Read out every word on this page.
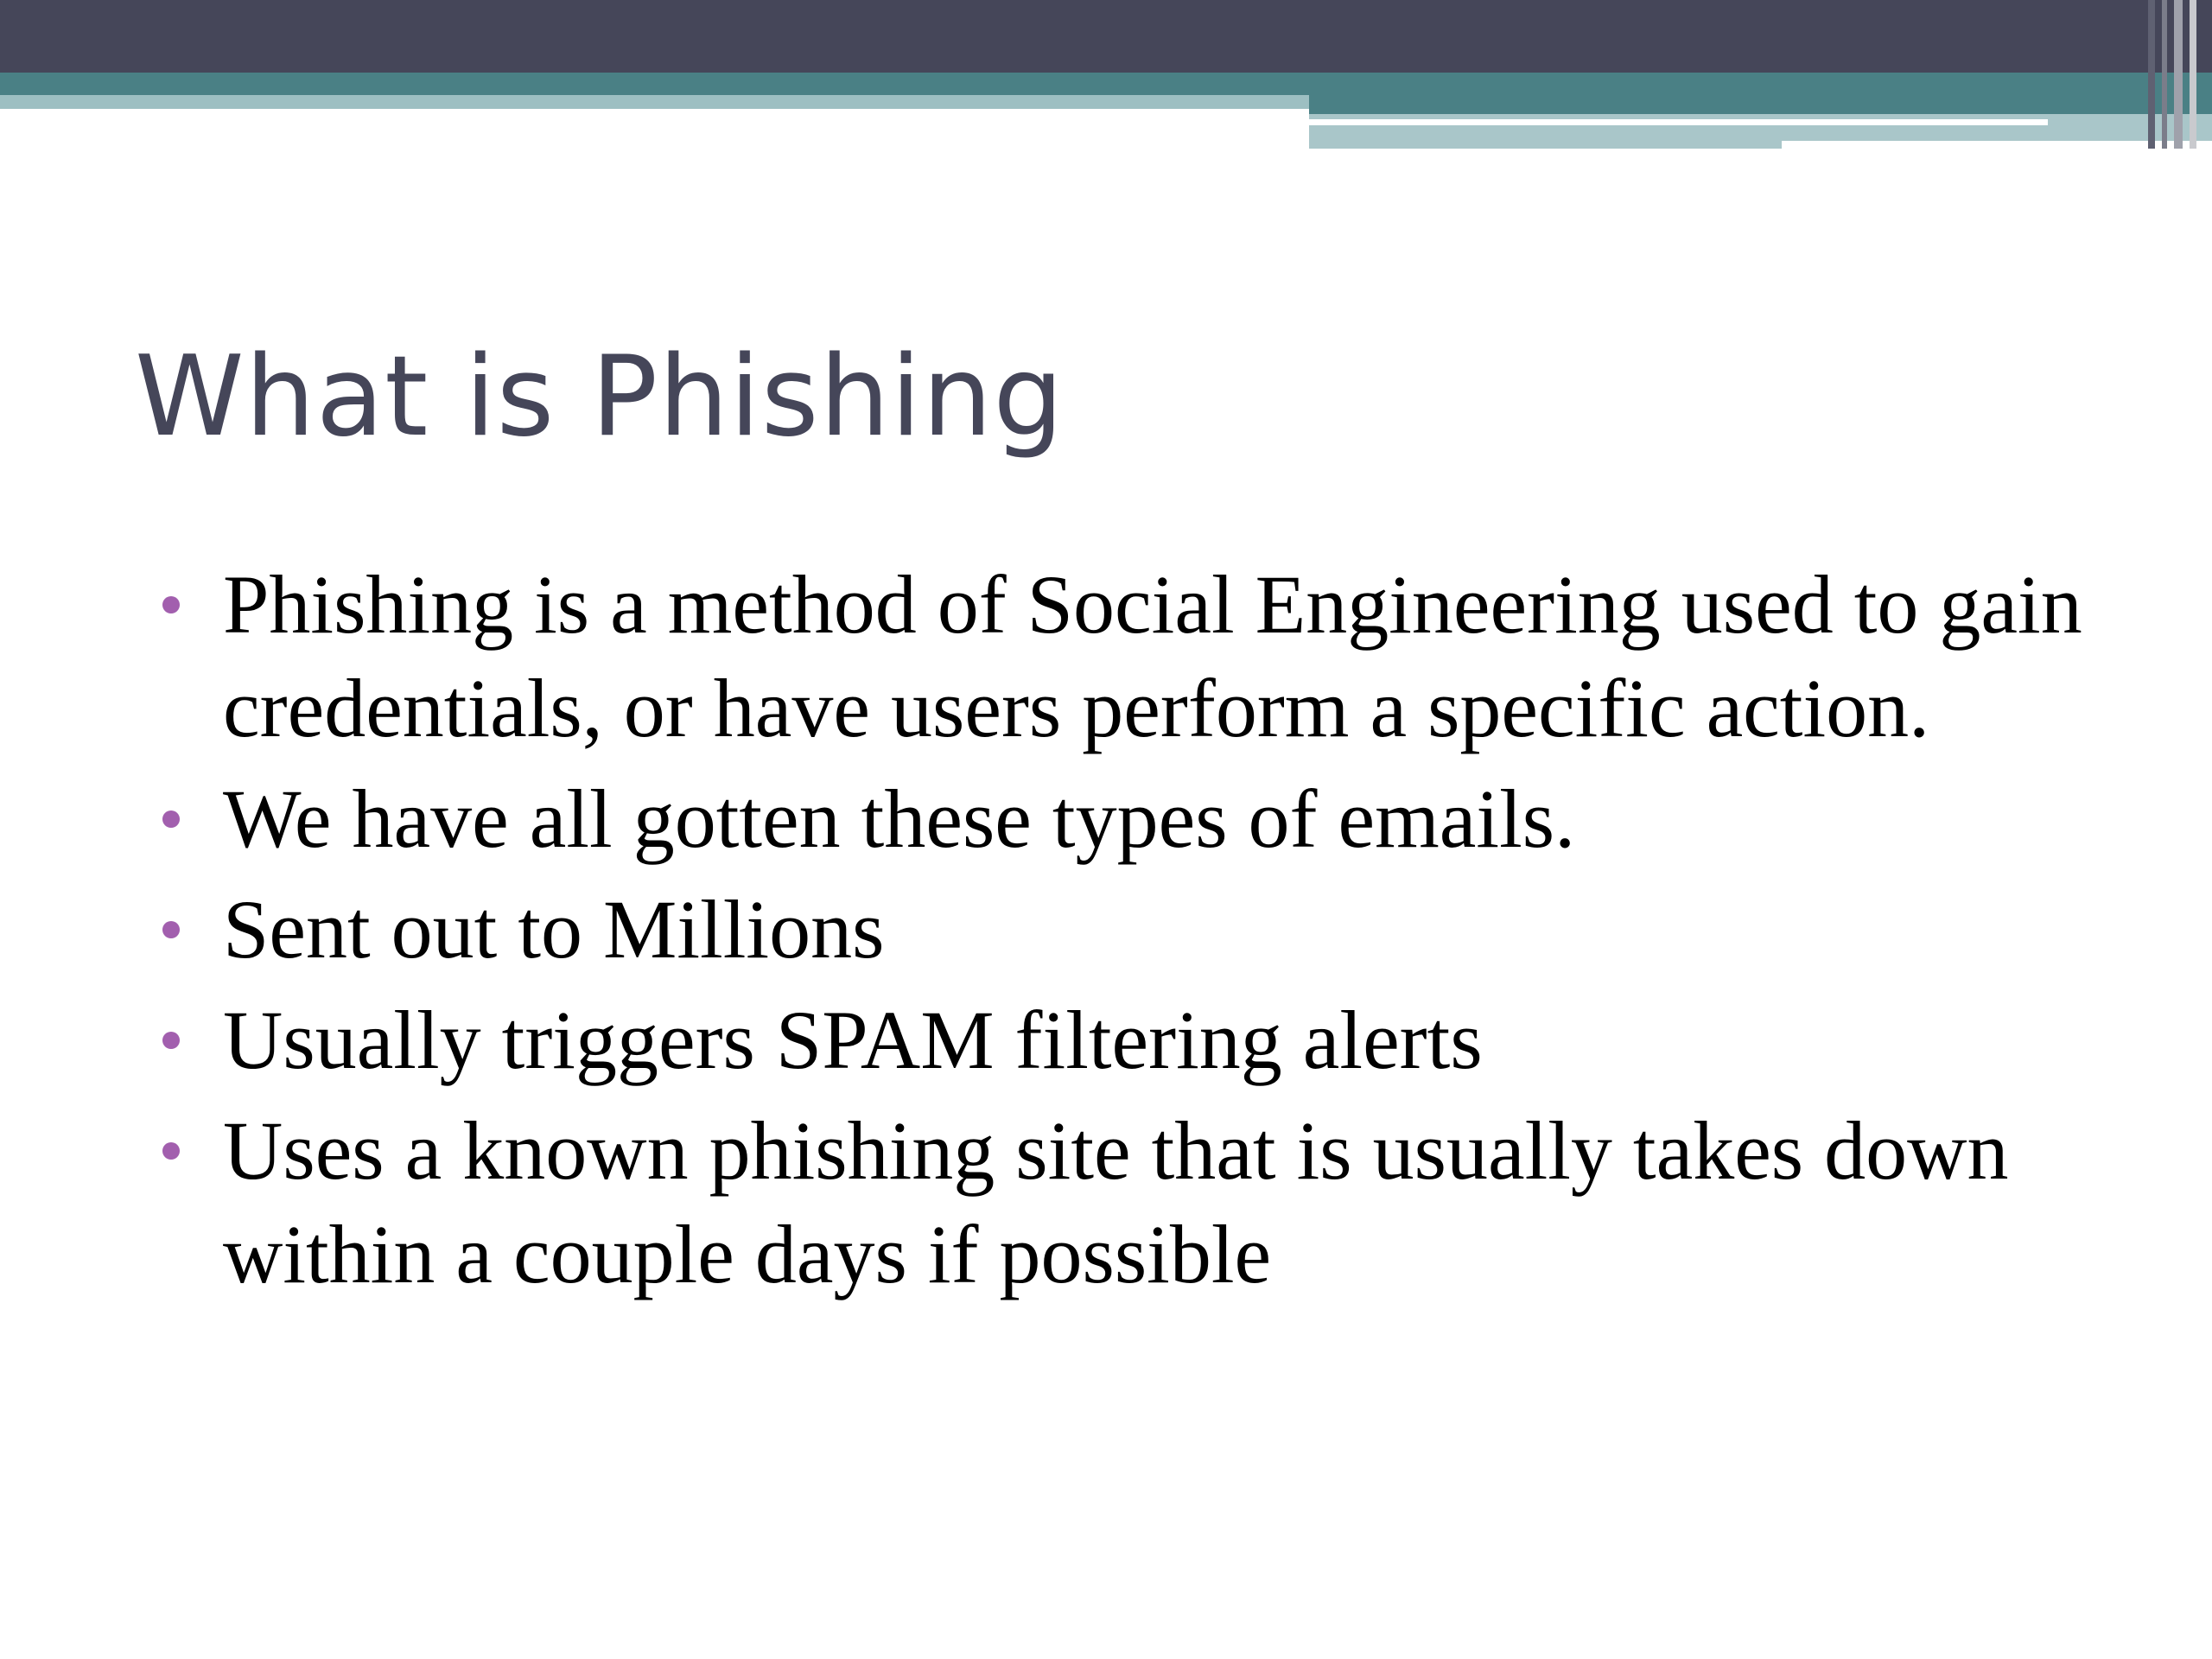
What is Phishing
Phishing is a method of Social Engineering used to gain credentials, or have users perform a specific action.
We have all gotten these types of emails.
Sent out to Millions
Usually triggers SPAM filtering alerts
Uses a known phishing site that is usually takes down within a couple days if possible
